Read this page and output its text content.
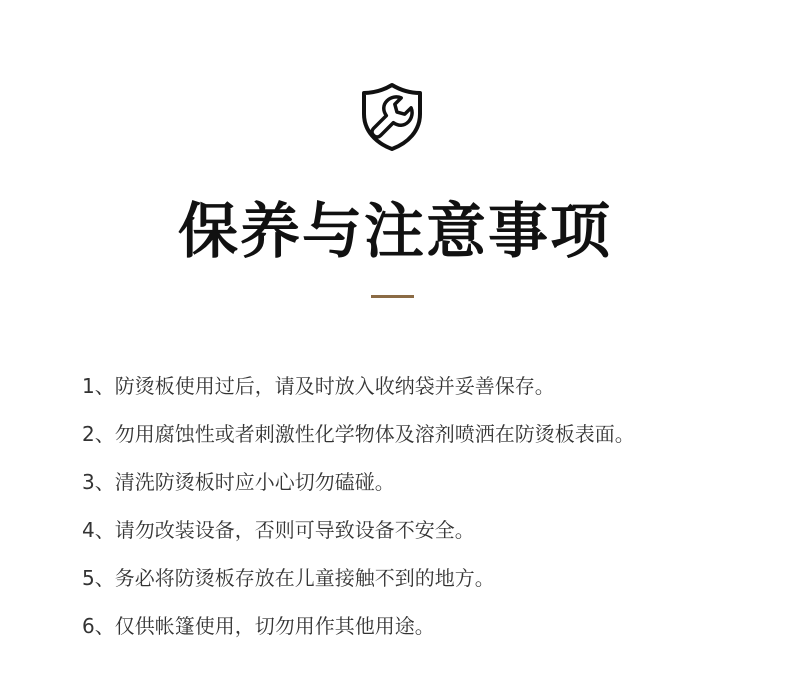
保养与注意事项
1、防烫板使用过后，请及时放入收纳袋并妥善保存。
2、勿用腐蚀性或者刺激性化学物体及溶剂喷洒在防烫板表面。
3、清洗防烫板时应小心切勿磕碰。
4、请勿改装设备，否则可导致设备不安全。
5、务必将防烫板存放在儿童接触不到的地方。
6、仅供帐篷使用，切勿用作其他用途。
